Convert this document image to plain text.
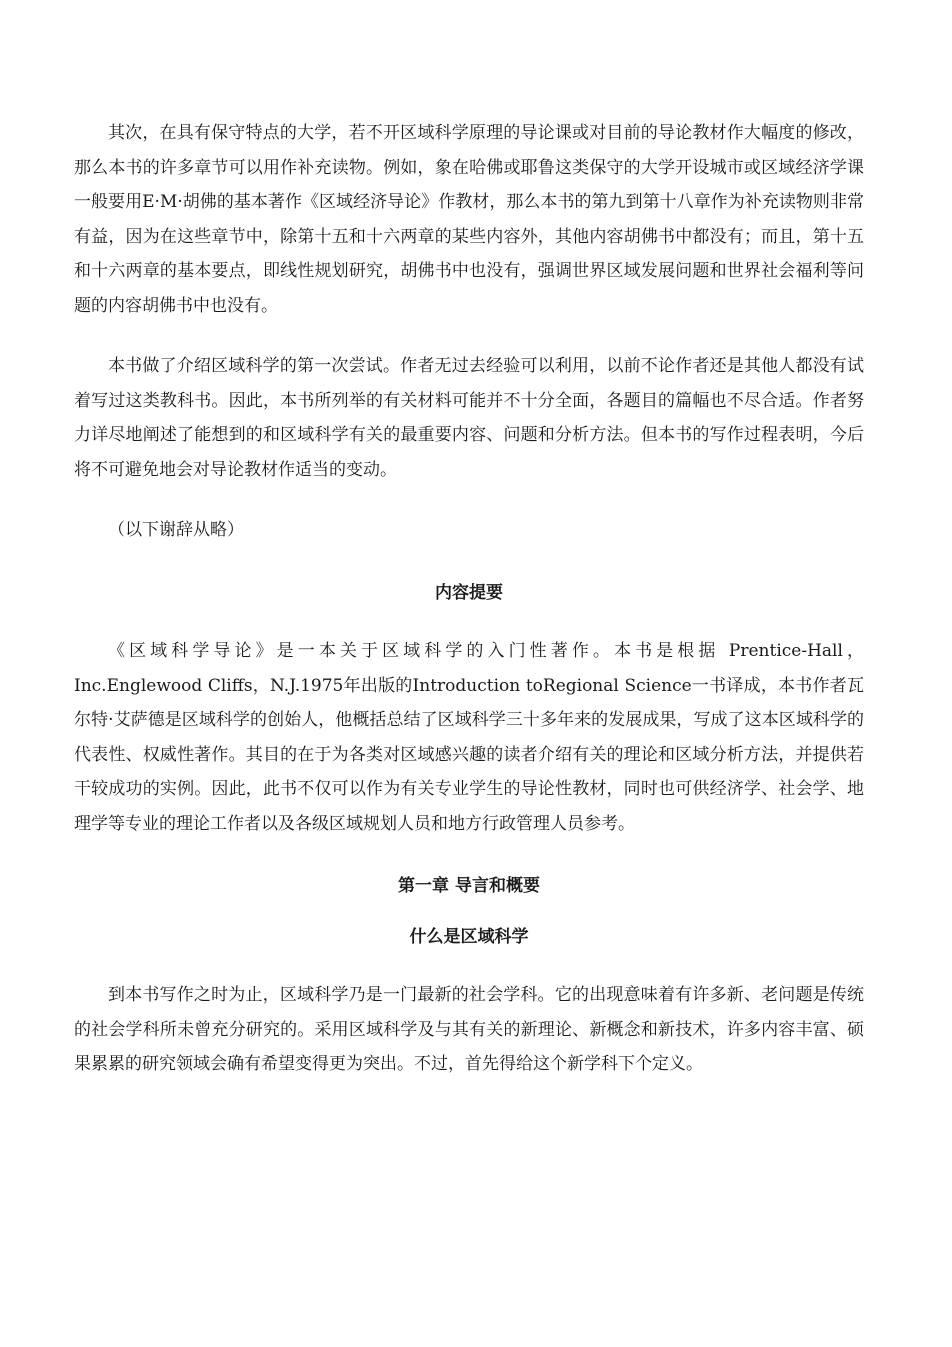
其次，在具有保守特点的大学，若不开区域科学原理的导论课或对目前的导论教材作大幅度的修改，那么本书的许多章节可以用作补充读物。例如，象在哈佛或耶鲁这类保守的大学开设城市或区域经济学课一般要用E·M·胡佛的基本著作《区域经济导论》作教材，那么本书的第九到第十八章作为补充读物则非常有益，因为在这些章节中，除第十五和十六两章的某些内容外，其他内容胡佛书中都没有；而且，第十五和十六两章的基本要点，即线性规划研究，胡佛书中也没有，强调世界区域发展问题和世界社会福利等问题的内容胡佛书中也没有。

本书做了介绍区域科学的第一次尝试。作者无过去经验可以利用，以前不论作者还是其他人都没有试着写过这类教科书。因此，本书所列举的有关材料可能并不十分全面，各题目的篇幅也不尽合适。作者努力详尽地阐述了能想到的和区域科学有关的最重要内容、问题和分析方法。但本书的写作过程表明，今后将不可避免地会对导论教材作适当的变动。

（以下谢辞从略）

内容提要

《区域科学导论》是一本关于区域科学的入门性著作。本书是根据 Prentice-Hall，Inc.Englewood Cliffs，N.J.1975年出版的Introduction toRegional Science一书译成，本书作者瓦尔特·艾萨德是区域科学的创始人，他概括总结了区域科学三十多年来的发展成果，写成了这本区域科学的代表性、权威性著作。其目的在于为各类对区域感兴趣的读者介绍有关的理论和区域分析方法，并提供若干较成功的实例。因此，此书不仅可以作为有关专业学生的导论性教材，同时也可供经济学、社会学、地理学等专业的理论工作者以及各级区域规划人员和地方行政管理人员参考。

第一章 导言和概要
什么是区域科学

到本书写作之时为止，区域科学乃是一门最新的社会学科。它的出现意味着有许多新、老问题是传统的社会学科所未曾充分研究的。采用区域科学及与其有关的新理论、新概念和新技术，许多内容丰富、硕果累累的研究领域会确有希望变得更为突出。不过，首先得给这个新学科下个定义。
